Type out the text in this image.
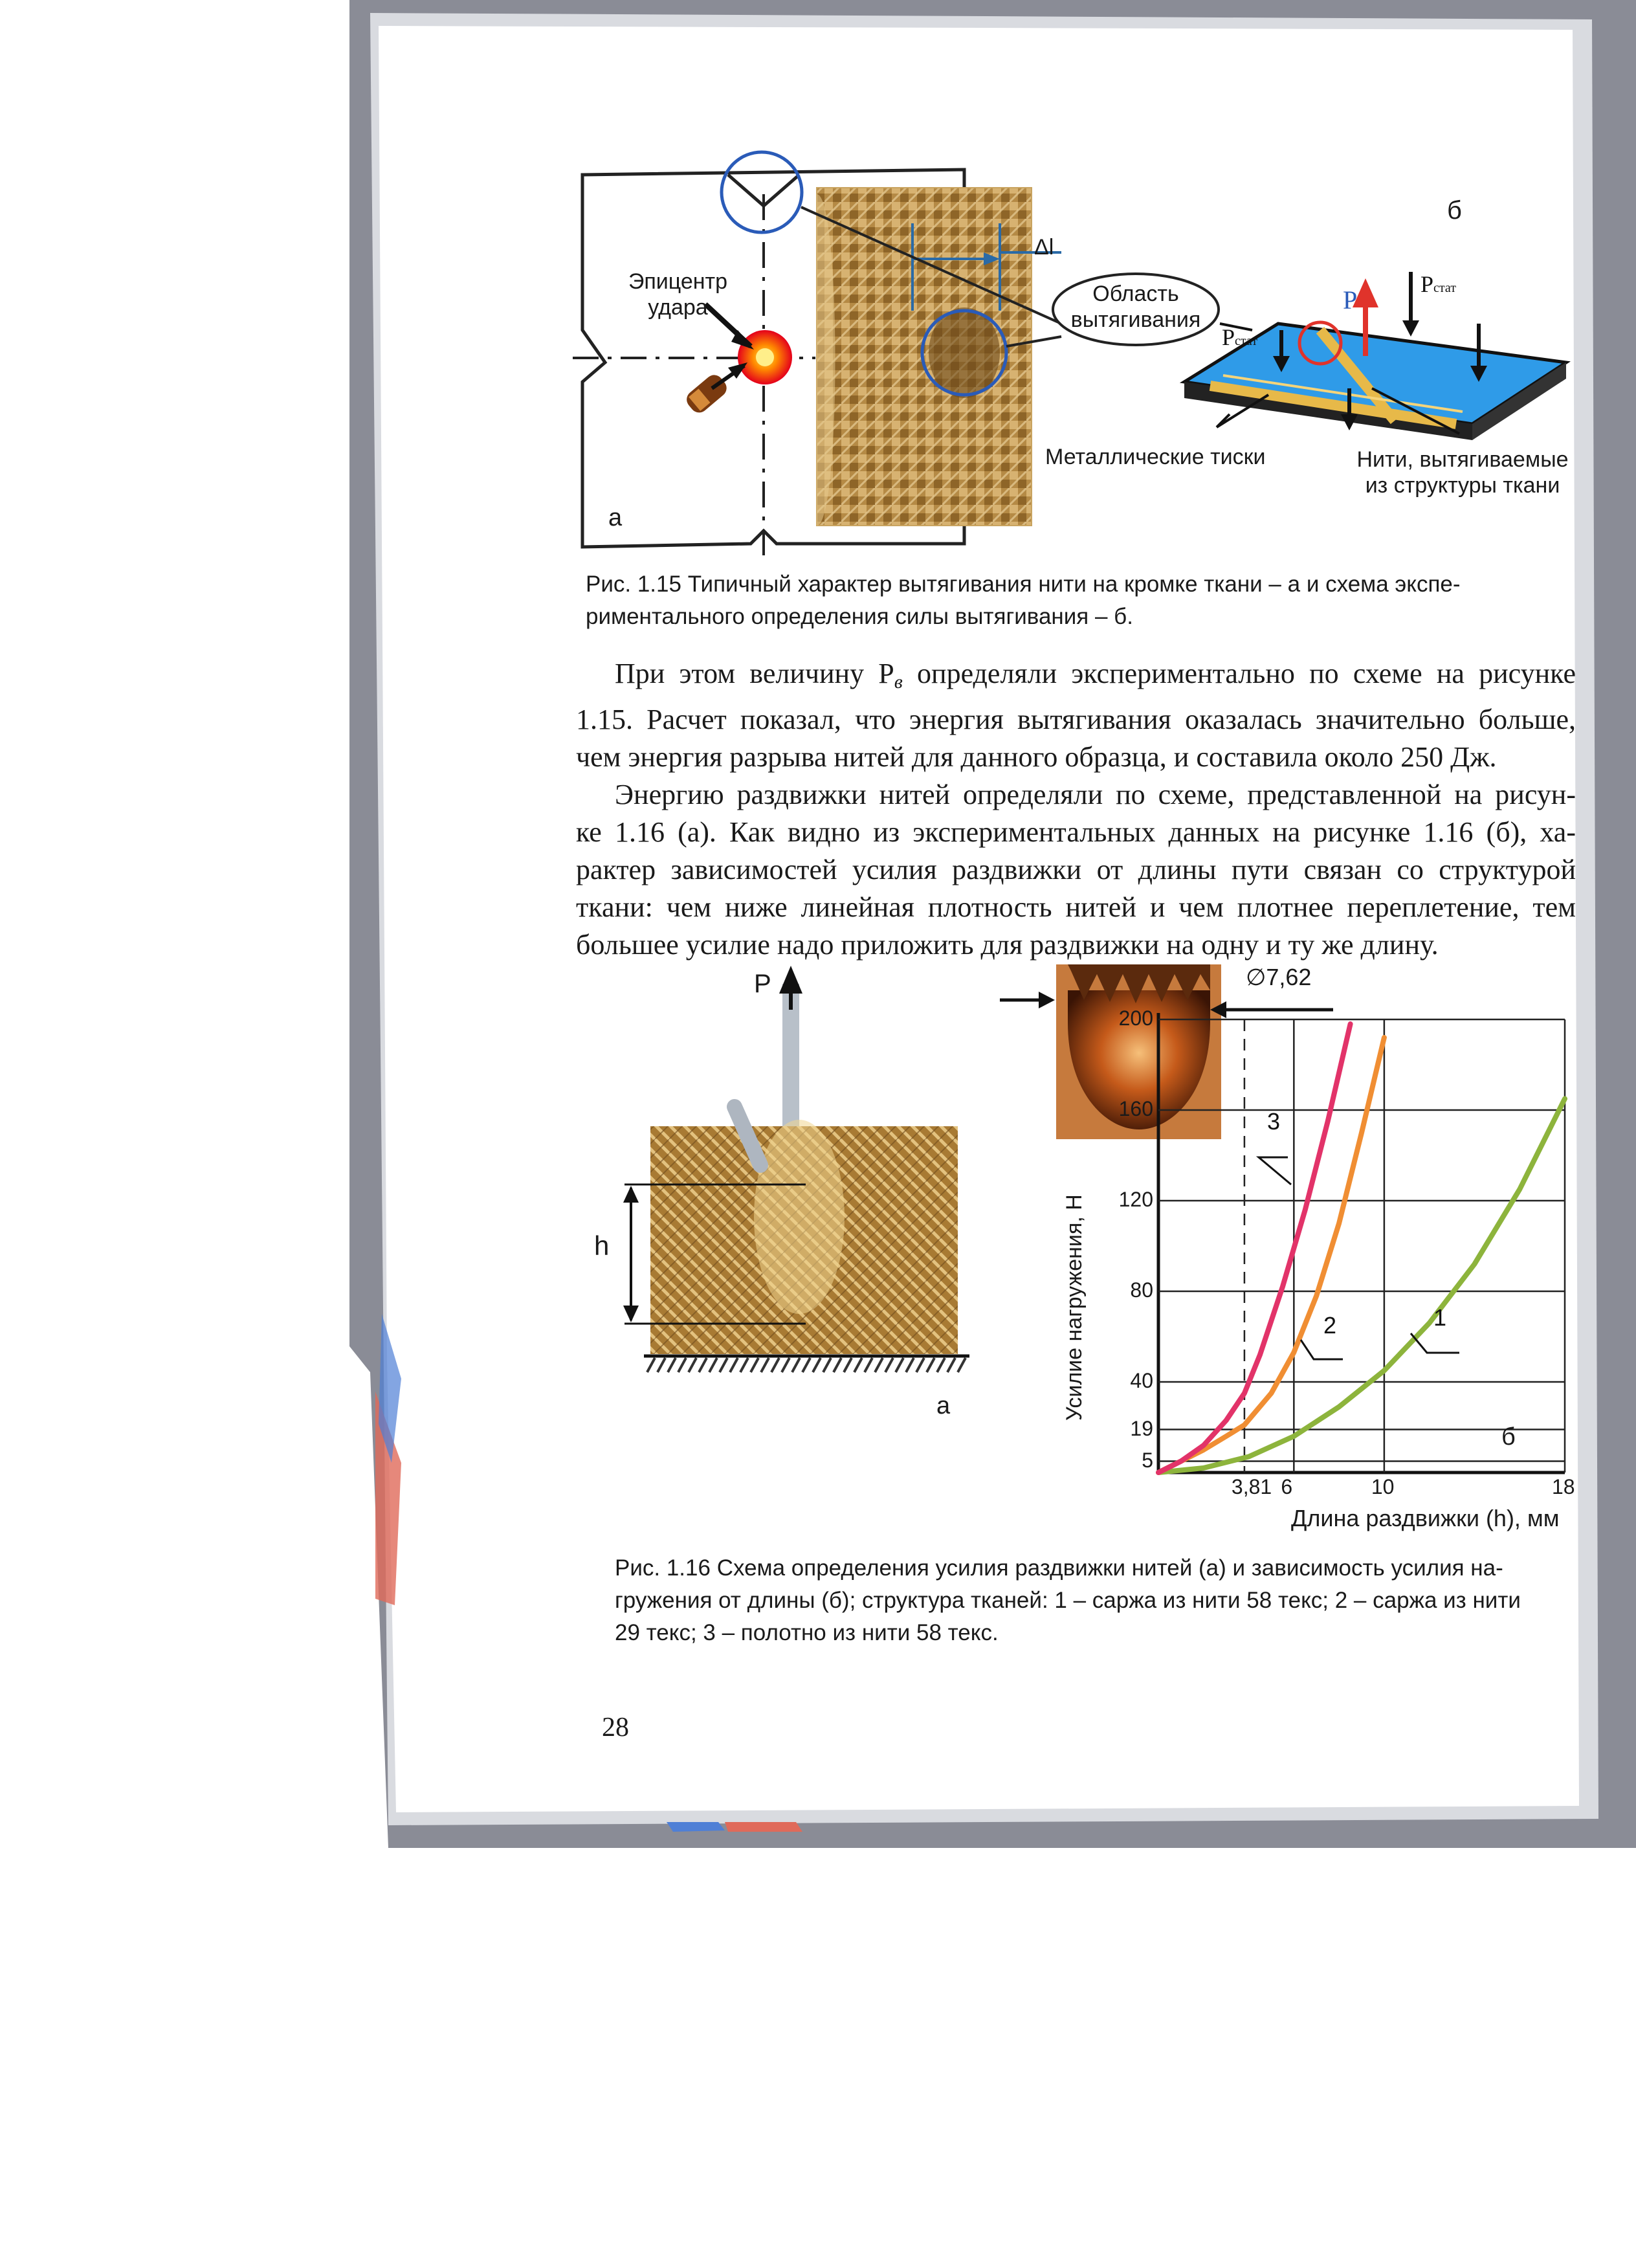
1
2
3
Эпицентр
удара
а
Δl
Область
вытягивания
б
Pстат
P
Pстат
Металлические тиски	Нити, вытягиваемые
из структуры ткани
Рис. 1.15 Типичный характер вытягивания нити на кромке ткани – а и схема экспе-
риментального определения силы вытягивания – б.
При этом величину Pв определяли экспериментально по схеме на рисунке
1.15. Расчет показал, что энергия вытягивания оказалась значительно больше,
чем энергия разрыва нитей для данного образца, и составила около 250 Дж.
Энергию раздвижки нитей определяли по схеме, представленной на рисун-
ке 1.16 (а). Как видно из экспериментальных данных на рисунке 1.16 (б), ха-
рактер зависимостей усилия раздвижки от длины пути связан со структурой
ткани: чем ниже линейная плотность нитей и чем плотнее переплетение, тем
большее усилие надо приложить для раздвижки на одну и ту же длину.
P
h
а
∅7,62
б
Усилие нагружения, Н
Длина раздвижки (h), мм
5
19
40
80
120
160
200
3,81 6	10	18
Рис. 1.16 Схема определения усилия раздвижки нитей (а) и зависимость усилия на-
гружения от длины (б); структура тканей: 1 – саржа из нити 58 текс; 2 – саржа из нити
29 текс; 3 – полотно из нити 58 текс.
28
